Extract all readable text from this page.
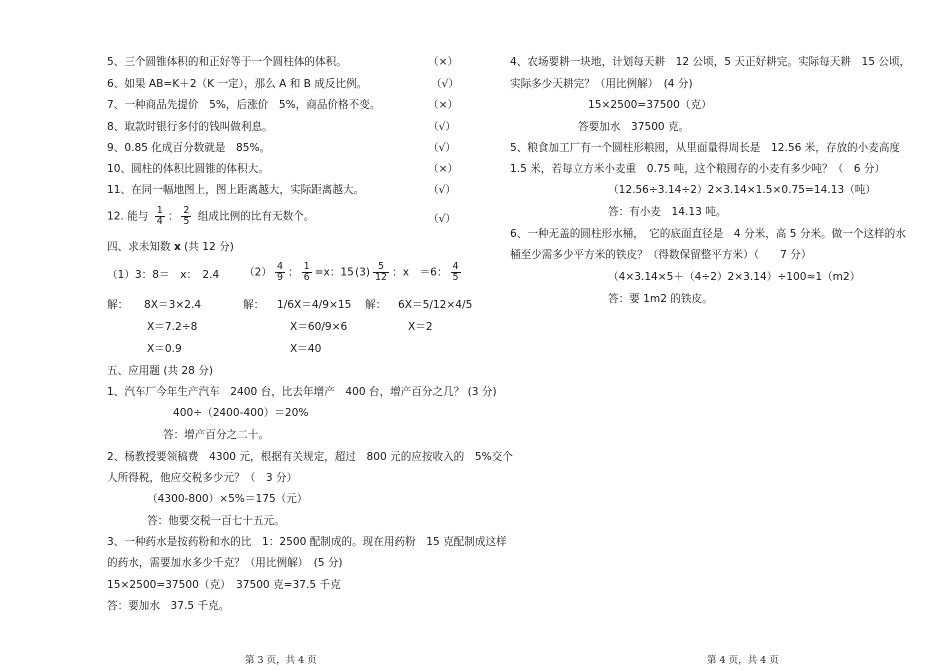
5、三个圆锥体积的和正好等于一个圆柱体的体积。	（×）
6、如果 AB=K＋2（K 一定），那么 A 和 B 成反比例。	（√）
7、一种商品先提价　5%，后涨价　5%，商品价格不变。	（×）
8、取款时银行多付的钱叫做利息。	（√）
9、0.85 化成百分数就是　85%。	（√）
10、圆柱的体积比圆锥的体积大。	（×）
11、在同一幅地图上，图上距离越大，实际距离越大。	（√）
12. 能与 $\frac{1}{4}$ ： $\frac{2}{5}$ 组成比例的比有无数个。	（√）
四、求未知数 x (共 12 分)
（1）3：8＝　x：　2.4 $(2) \frac{4}{9}$ ： $\frac{1}{6} =x$：15 $(3) \frac{5}{12}$ ：x　＝6： $\frac{4}{5}$
解： 8X＝3×2.4	解： 1/6X＝4/9×15 解： 6X＝5/12×4/5
X＝7.2÷8	X＝60/9×6	X＝2
X＝0.9	X＝40
五、应用题 (共 28 分)
1、汽车厂今年生产汽车　2400 台，比去年增产　400 台，增产百分之几？ (3 分)
400÷（2400-400）＝20%
答：增产百分之二十。
2、杨教授要领稿费　4300 元，根据有关规定，超过　800 元的应按收入的　5%交个
人所得税，他应交税多少元？（　3 分）
（4300-800）×5%＝175（元）
答：他要交税一百七十五元。
3、一种药水是按药粉和水的比　1：2500 配制成的。现在用药粉　15 克配制成这样
的药水，需要加水多少千克？（用比例解）　(5 分)
15×2500=37500（克）　37500 克=37.5 千克
答：要加水　37.5 千克。
第 3 页，共 4 页
4、农场要耕一块地，计划每天耕　12 公顷，5 天正好耕完。实际每天耕　15 公顷，
实际多少天耕完？（用比例解）　(4 分)
15×2500=37500（克）
答要加水　37500 克。
5、粮食加工厂有一个圆柱形粮囤，从里面量得周长是　12.56 米，存放的小麦高度
1.5 米，若每立方米小麦重　0.75 吨，这个粮囤存的小麦有多少吨？（　6 分）
（12.56÷3.14÷2）2×3.14×1.5×0.75=14.13（吨）
答：有小麦　14.13 吨。
6、一种无盖的圆柱形水桶，　它的底面直径是　4 分米，高 5 分米。做一个这样的水
桶至少需多少平方米的铁皮？（得数保留整平方米）（　　7 分）
（4×3.14×5＋（4÷2）2×3.14）÷100≈1（m2）
答：要 1m2 的铁皮。
第 4 页，共 4 页
